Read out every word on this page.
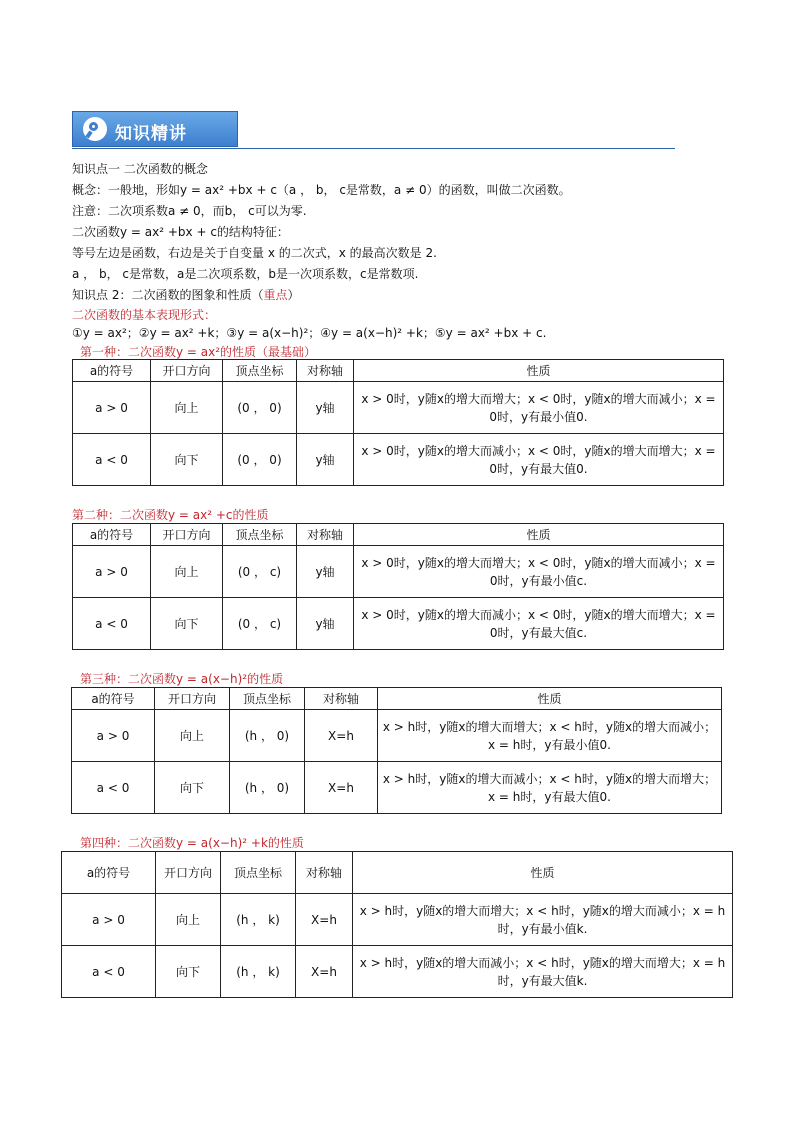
知识精讲
知识点一 二次函数的概念
概念：一般地，形如y = ax² +bx + c（a ， b， c是常数，a ≠ 0）的函数，叫做二次函数。
注意：二次项系数a ≠ 0，而b， c可以为零.
二次函数y = ax² +bx + c的结构特征：
等号左边是函数，右边是关于自变量 x 的二次式，x 的最高次数是 2.
a ， b， c是常数，a是二次项系数，b是一次项系数，c是常数项.
知识点 2：二次函数的图象和性质（重点）
二次函数的基本表现形式：
①y = ax²；②y = ax² +k；③y = a(x−h)²；④y = a(x−h)² +k；⑤y = ax² +bx + c.
第一种：二次函数y = ax²的性质（最基础）
a的符号	开口方向	顶点坐标	对称轴	性质
a > 0	向上	(0 ， 0)	y轴	x > 0时，y随x的增大而增大；x < 0时，y随x的增大而减小；x = 0时，y有最小值0.
a < 0	向下	(0 ， 0)	y轴	x > 0时，y随x的增大而减小；x < 0时，y随x的增大而增大；x = 0时，y有最大值0.
第二种：二次函数y = ax² +c的性质
a的符号	开口方向	顶点坐标	对称轴	性质
a > 0	向上	(0 ， c)	y轴	x > 0时，y随x的增大而增大；x < 0时，y随x的增大而减小；x = 0时，y有最小值c.
a < 0	向下	(0 ， c)	y轴	x > 0时，y随x的增大而减小；x < 0时，y随x的增大而增大；x = 0时，y有最大值c.
第三种：二次函数y = a(x−h)²的性质
a的符号	开口方向	顶点坐标	对称轴	性质
a > 0	向上	(h ， 0)	X=h	x > h时，y随x的增大而增大；x < h时，y随x的增大而减小；x = h时，y有最小值0.
a < 0	向下	(h ， 0)	X=h	x > h时，y随x的增大而减小；x < h时，y随x的增大而增大；x = h时，y有最大值0.
第四种：二次函数y = a(x−h)² +k的性质
a的符号	开口方向	顶点坐标	对称轴	性质
a > 0	向上	(h ， k)	X=h	x > h时，y随x的增大而增大；x < h时，y随x的增大而减小；x = h时，y有最小值k.
a < 0	向下	(h ， k)	X=h	x > h时，y随x的增大而减小；x < h时，y随x的增大而增大；x = h时，y有最大值k.
